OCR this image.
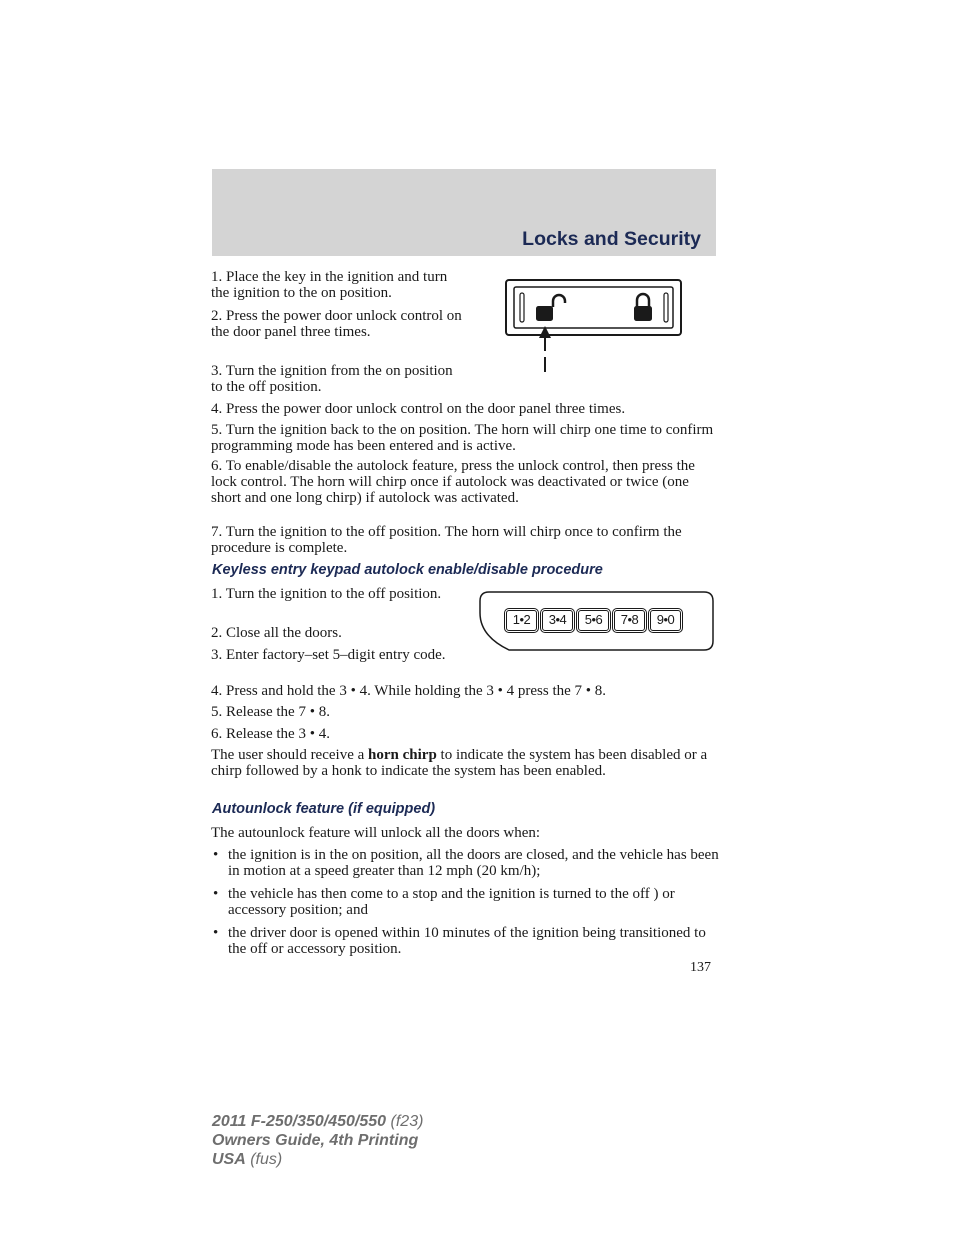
Locks and Security

1. Place the key in the ignition and turn the ignition to the on position.

2. Press the power door unlock control on the door panel three times.

3. Turn the ignition from the on position to the off position.

4. Press the power door unlock control on the door panel three times.

5. Turn the ignition back to the on position. The horn will chirp one time to confirm programming mode has been entered and is active.

6. To enable/disable the autolock feature, press the unlock control, then press the lock control. The horn will chirp once if autolock was deactivated or twice (one short and one long chirp) if autolock was activated.

7. Turn the ignition to the off position. The horn will chirp once to confirm the procedure is complete.

Keyless entry keypad autolock enable/disable procedure

1•2	3•4	5•6	7•8	9•0

1. Turn the ignition to the off position.

2. Close all the doors.

3. Enter factory–set 5–digit entry code.

4. Press and hold the 3 • 4. While holding the 3 • 4 press the 7 • 8.

5. Release the 7 • 8.

6. Release the 3 • 4.

The user should receive a horn chirp to indicate the system has been disabled or a chirp followed by a honk to indicate the system has been enabled.

Autounlock feature (if equipped)

The autounlock feature will unlock all the doors when:

• the ignition is in the on position, all the doors are closed, and the vehicle has been in motion at a speed greater than 12 mph (20 km/h);

• the vehicle has then come to a stop and the ignition is turned to the off ) or accessory position; and

• the driver door is opened within 10 minutes of the ignition being transitioned to the off or accessory position.

137
2011 F-250/350/450/550 (f23)
Owners Guide, 4th Printing
USA (fus)
